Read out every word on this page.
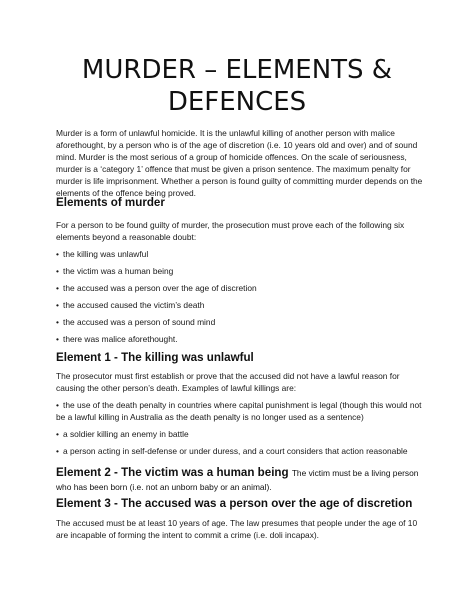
MURDER – ELEMENTS &
DEFENCES

Murder is a form of unlawful homicide. It is the unlawful killing of another person with malice aforethought, by a person who is of the age of discretion (i.e. 10 years old and over) and of sound mind. Murder is the most serious of a group of homicide offences. On the scale of seriousness, murder is a ‘category 1’ offence that must be given a prison sentence. The maximum penalty for murder is life imprisonment. Whether a person is found guilty of committing murder depends on the elements of the offence being proved.

Elements of murder

For a person to be found guilty of murder, the prosecution must prove each of the following six elements beyond a reasonable doubt:

• the killing was unlawful

• the victim was a human being

• the accused was a person over the age of discretion

• the accused caused the victim’s death

• the accused was a person of sound mind

• there was malice aforethought.

Element 1 - The killing was unlawful

The prosecutor must first establish or prove that the accused did not have a lawful reason for causing the other person’s death. Examples of lawful killings are:

• the use of the death penalty in countries where capital punishment is legal (though this would not be a lawful killing in Australia as the death penalty is no longer used as a sentence)

• a soldier killing an enemy in battle

• a person acting in self-defense or under duress, and a court considers that action reasonable

Element 2 - The victim was a human being The victim must be a living person who has been born (i.e. not an unborn baby or an animal).
Element 3 - The accused was a person over the age of discretion

The accused must be at least 10 years of age. The law presumes that people under the age of 10 are incapable of forming the intent to commit a crime (i.e. doli incapax).
